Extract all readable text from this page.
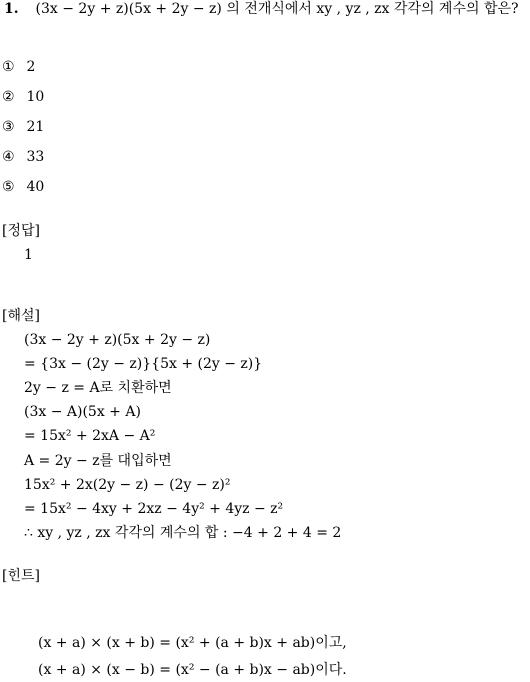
1. (3x − 2y + z)(5x + 2y − z) 의 전개식에서 xy , yz , zx 각각의 계수의 합은?
① 2
② 10
③ 21
④ 33
⑤ 40
[정답]
1
[해설]
(3x − 2y + z)(5x + 2y − z)
= {3x − (2y − z)}{5x + (2y − z)}
2y − z = A로 치환하면
(3x − A)(5x + A)
= 15x² + 2xA − A²
A = 2y − z를 대입하면
15x² + 2x(2y − z) − (2y − z)²
= 15x² − 4xy + 2xz − 4y² + 4yz − z²
∴ xy , yz , zx 각각의 계수의 합 : −4 + 2 + 4 = 2
[힌트]
(x + a) × (x + b) = (x² + (a + b)x + ab)이고,
(x + a) × (x − b) = (x² − (a + b)x − ab)이다.
